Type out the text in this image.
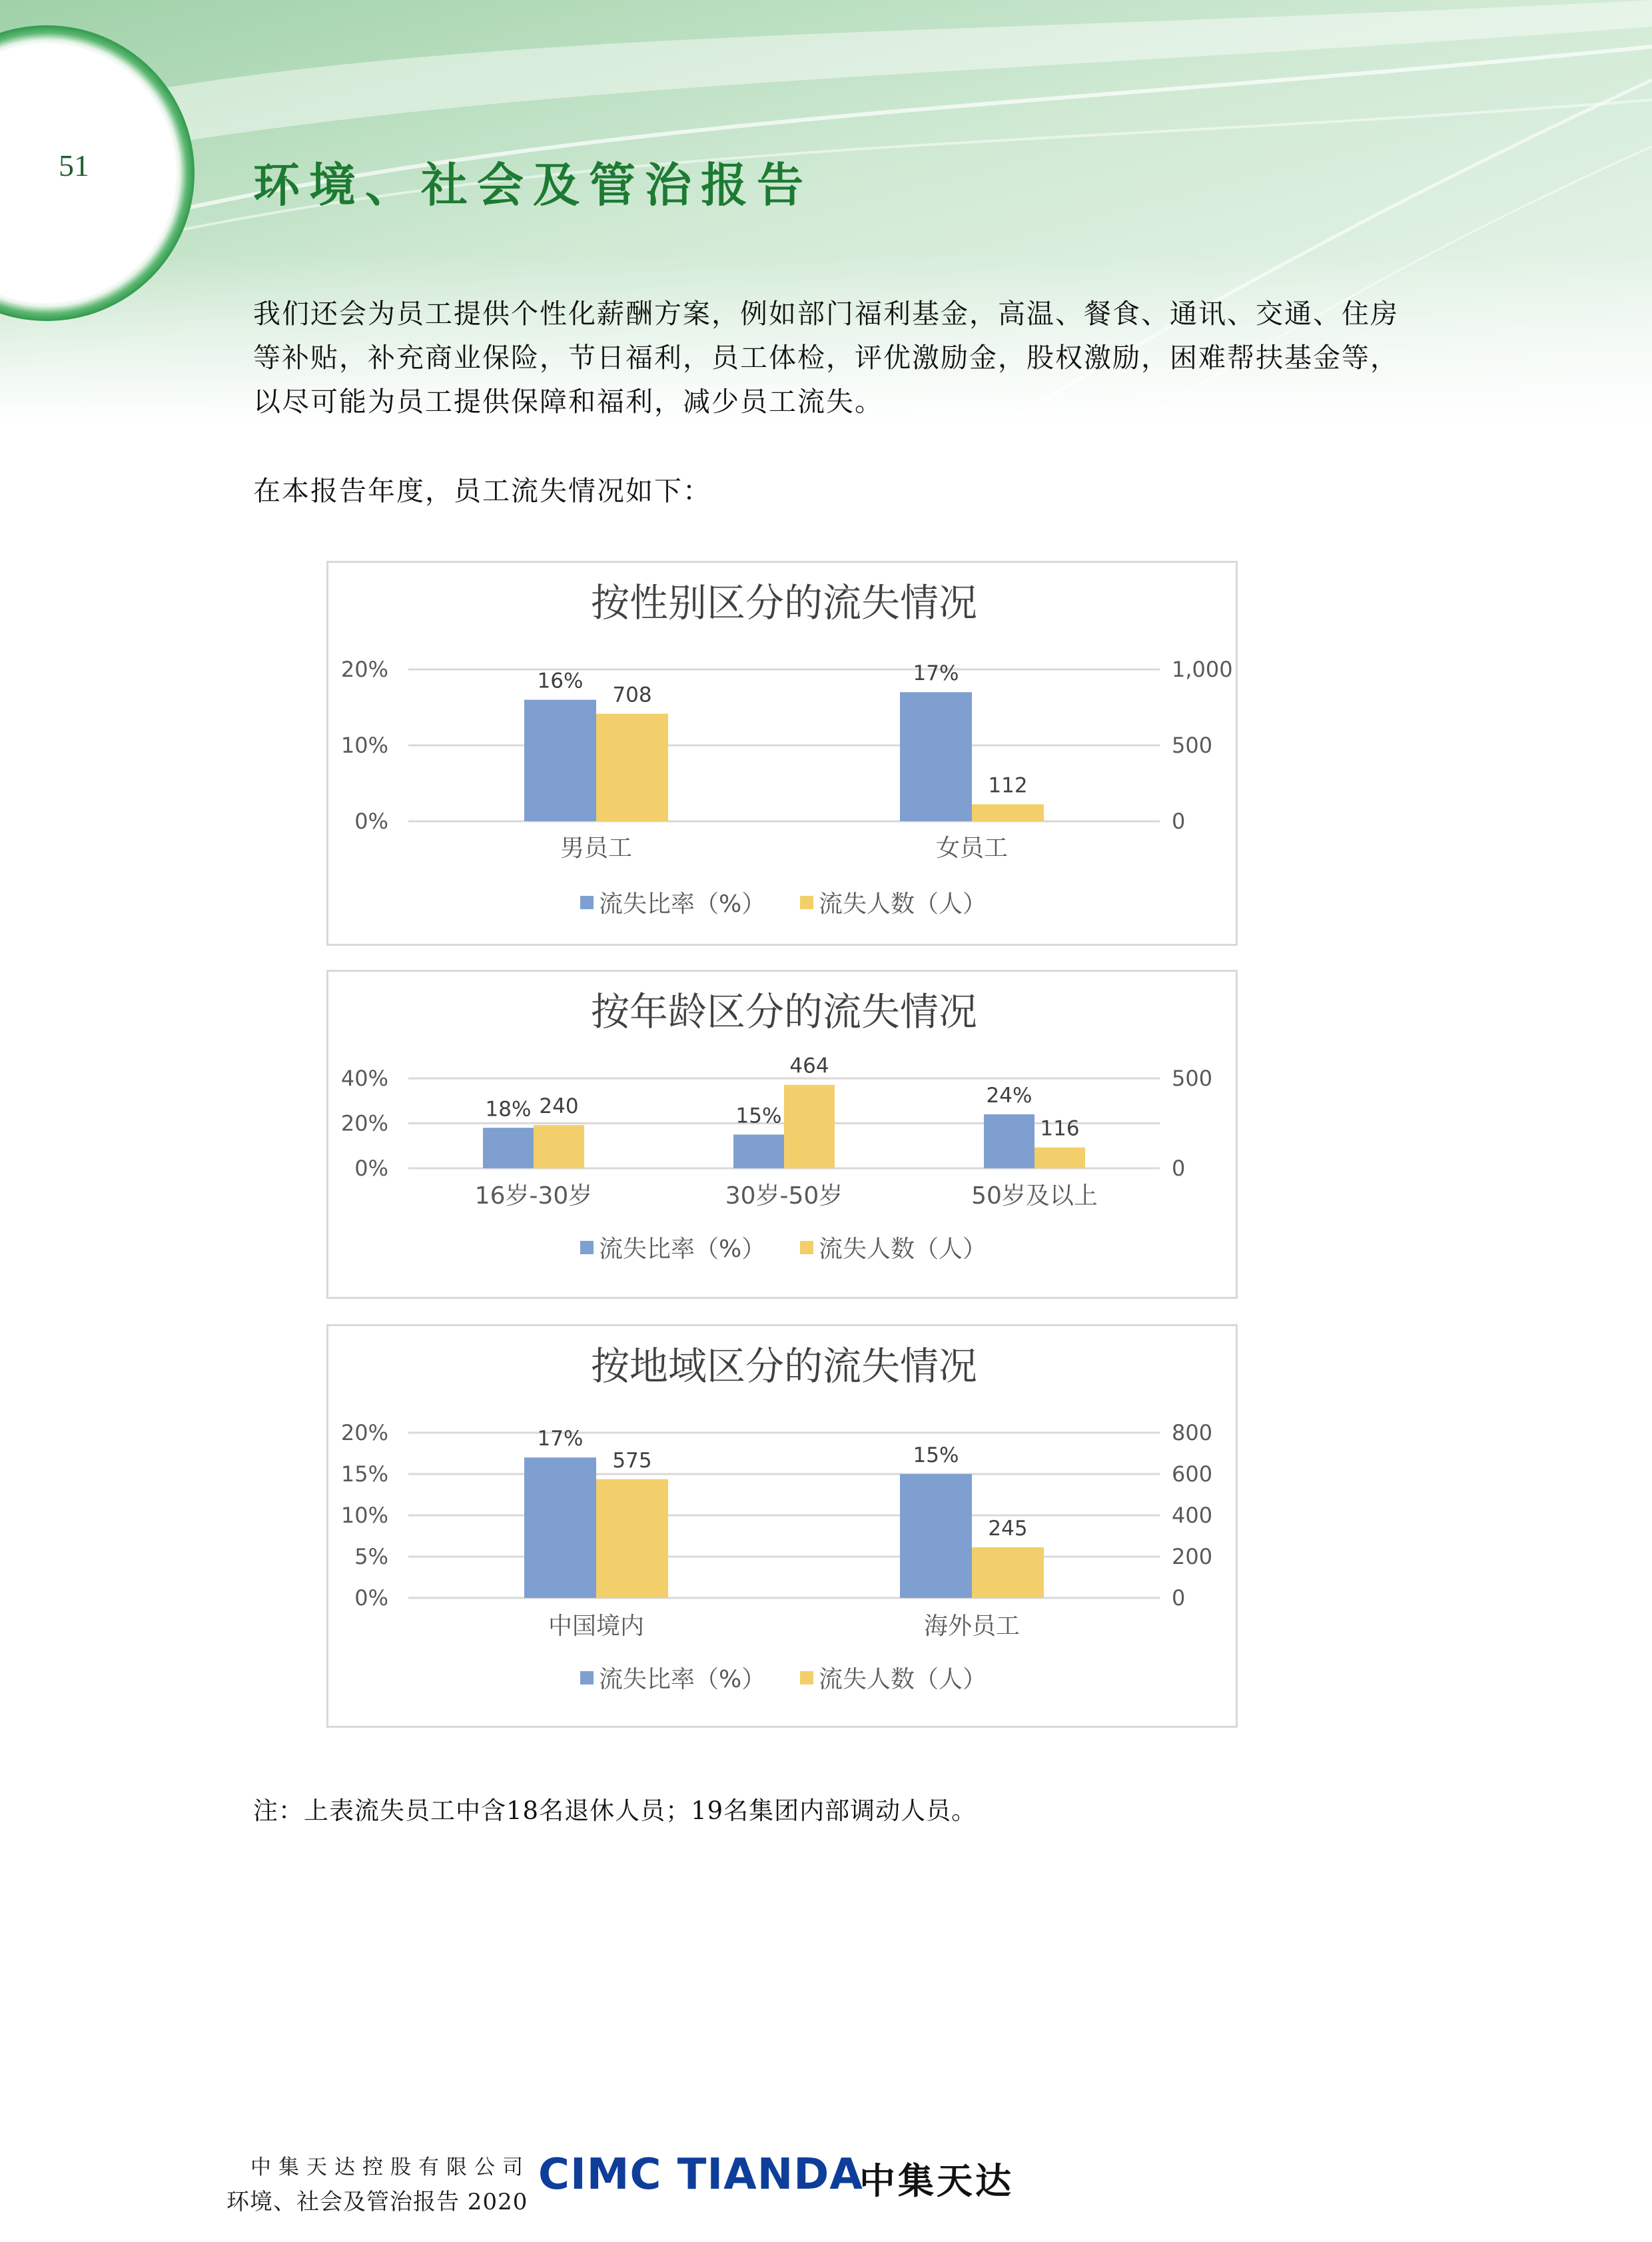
51	环境、社会及管治报告
我们还会为员工提供个性化薪酬方案，例如部门福利基金，高温、餐食、通讯、交通、住房等补贴，补充商业保险，节日福利，员工体检，评优激励金，股权激励，困难帮扶基金等，以尽可能为员工提供保障和福利，减少员工流失。
在本报告年度，员工流失情况如下：
按性别区分的流失情况
0%
10%
20%
0
500
1,000
16%
708
男员工
17%
112
女员工
流失比率（%） 流失人数（人）
按年龄区分的流失情况
0%
20%
40%
0
500
18% 240
16岁-30岁
15%
464
30岁-50岁
24%
116
50岁及以上
流失比率（%） 流失人数（人）
按地域区分的流失情况
0%
5%
10%
15%
20%
0
200
400
600
800
17%
575
中国境内
15%
245
海外员工
流失比率（%） 流失人数（人）
注：上表流失员工中含18名退休人员；19名集团内部调动人员。
中集天达控股有限公司
环境、社会及管治报告 2020
CIMC TIANDA
中集天达
